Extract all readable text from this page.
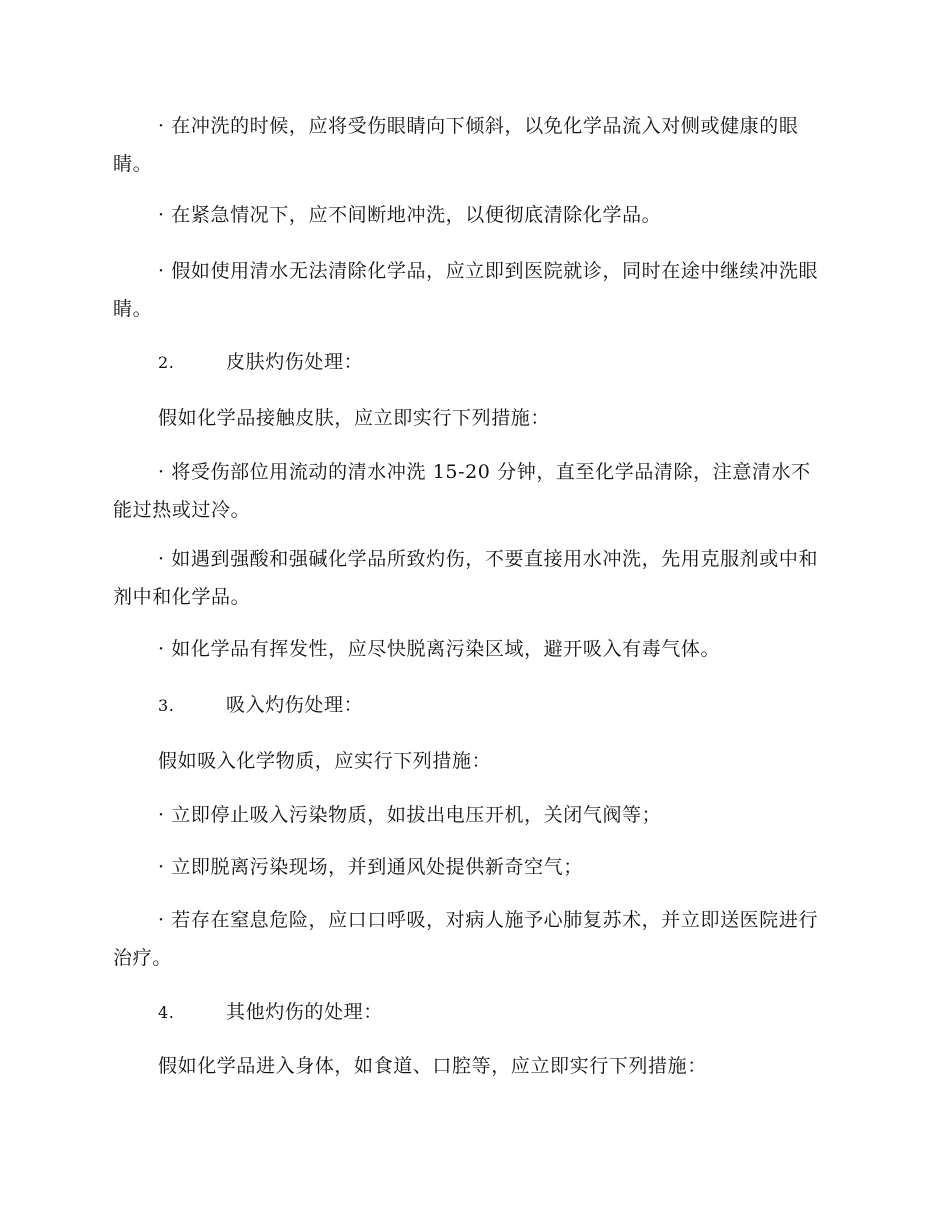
· 在冲洗的时候，应将受伤眼睛向下倾斜，以免化学品流入对侧或健康的眼睛。

· 在紧急情况下，应不间断地冲洗，以便彻底清除化学品。

· 假如使用清水无法清除化学品，应立即到医院就诊，同时在途中继续冲洗眼睛。

2.	皮肤灼伤处理：

假如化学品接触皮肤，应立即实行下列措施：

· 将受伤部位用流动的清水冲洗 15-20 分钟，直至化学品清除，注意清水不能过热或过冷。

· 如遇到强酸和强碱化学品所致灼伤，不要直接用水冲洗，先用克服剂或中和剂中和化学品。

· 如化学品有挥发性，应尽快脱离污染区域，避开吸入有毒气体。

3.	吸入灼伤处理：

假如吸入化学物质，应实行下列措施：

· 立即停止吸入污染物质，如拔出电压开机，关闭气阀等；

· 立即脱离污染现场，并到通风处提供新奇空气；

· 若存在窒息危险，应口口呼吸，对病人施予心肺复苏术，并立即送医院进行治疗。

4.	其他灼伤的处理：

假如化学品进入身体，如食道、口腔等，应立即实行下列措施：
